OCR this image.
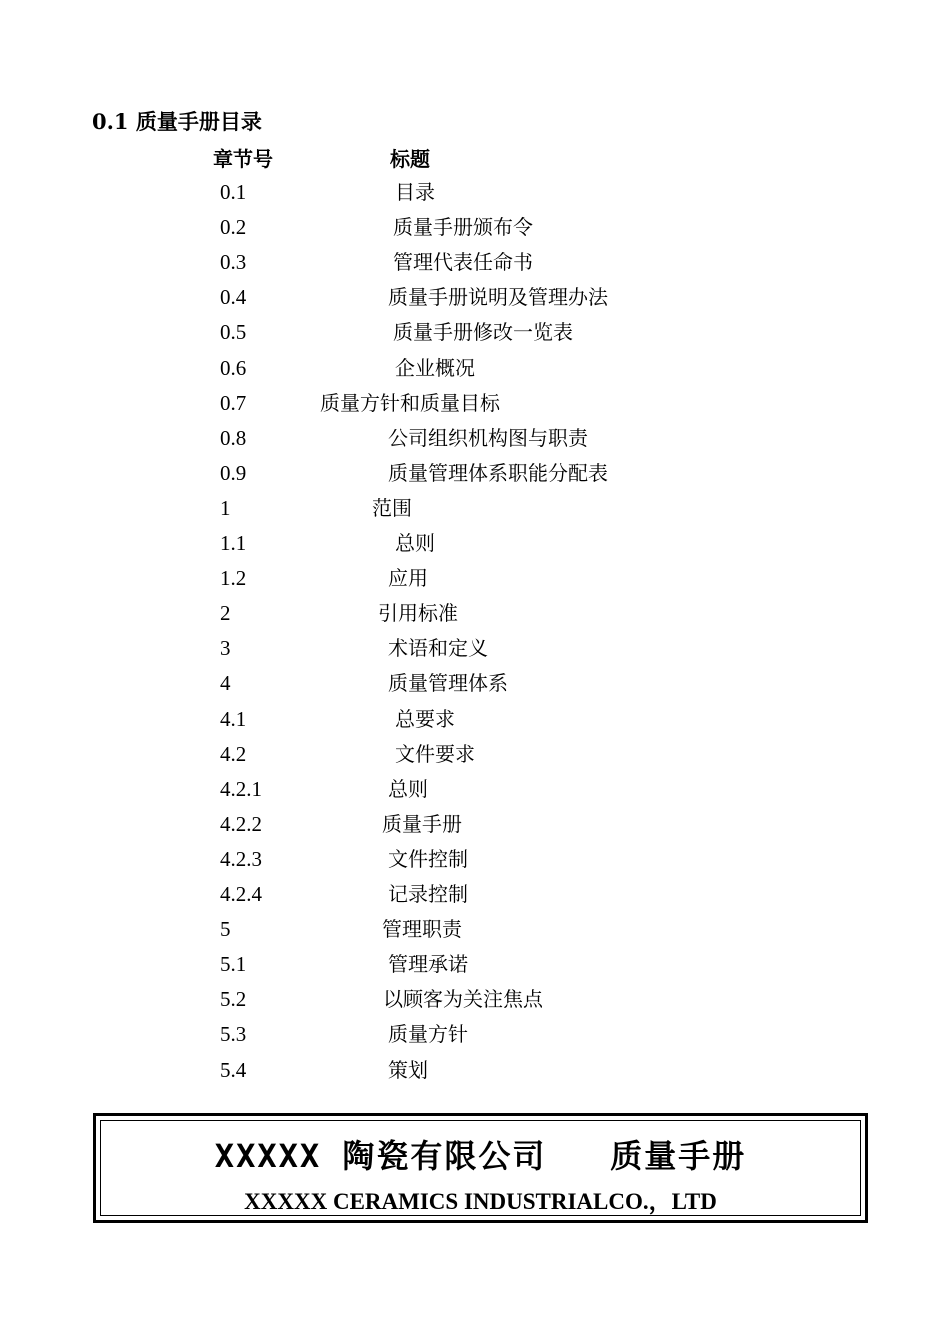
0.1 质量手册目录
章节号	标题
0.1	目录
0.2	质量手册颁布令
0.3	管理代表任命书
0.4	质量手册说明及管理办法
0.5	质量手册修改一览表
0.6	企业概况
0.7	质量方针和质量目标
0.8	公司组织机构图与职责
0.9	质量管理体系职能分配表
1	范围
1.1	总则
1.2	应用
2	引用标准
3	术语和定义
4	质量管理体系
4.1	总要求
4.2	文件要求
4.2.1	总则
4.2.2	质量手册
4.2.3	文件控制
4.2.4	记录控制
5	管理职责
5.1	管理承诺
5.2	以顾客为关注焦点
5.3	质量方针
5.4	策划
XXXXX 陶瓷有限公司   质量手册
XXXXX CERAMICS INDUSTRIALCO.，LTD
